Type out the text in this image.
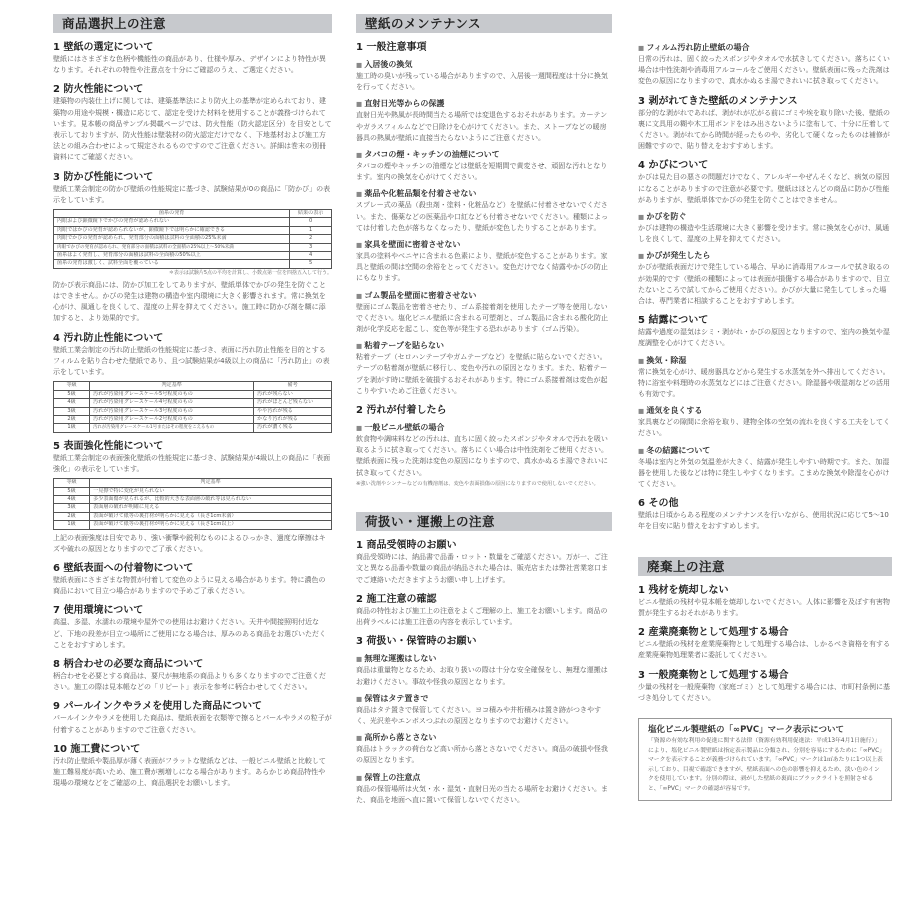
商品選択上の注意
1 壁紙の選定について
壁紙にはさまざまな色柄や機能性の商品があり、仕様や厚み、デザインにより特性が異なります。それぞれの特性や注意点を十分にご確認のうえ、ご選定ください。
2 防火性能について
建築物の内装仕上げに関しては、建築基準法により防火上の基準が定められており、建築物の用途や規模・構造に応じて、認定を受けた材料を使用することが義務づけられています。見本帳の商品サンプル掲載ページでは、防火性能（防火認定区分）を目安として表示しておりますが、防火性能は壁装材の防火認定だけでなく、下地基材および施工方法との組み合わせによって規定されるものですのでご注意ください。詳細は巻末の別冊資料にてご確認ください。
3 防かび性能について
壁紙工業会制定の防かび壁紙の性能規定に基づき、試験結果が0の商品に「防かび」の表示をしています。
菌糸の発育	結果の表示
内眼および顕微鏡下でかびの発育が認められない	0
肉眼ではかびの発育が認められないが、顕微鏡下では明らかに確認できる	1
肉眼でかびの発育が認められ、発育部分の面積は試料の全面積の25%未満	2
肉眼でかびの発育が認められ、発育部分の面積は試料の全面積の25%以上～50%未満	3
菌糸はよく発育し、発育部分の面積は試料の全面積の50%以上	4
菌糸の発育は激しく、試料全面を覆っている	5
＊表示は試験片5点の平均を計算し、小数点第一位を四捨五入して行う。
防かび表示商品には、防かび加工をしてありますが、壁紙単体でかびの発生を防ぐことはできません。かびの発生は建物の構造や室内環境に大きく影響されます。常に換気を心がけ、風通しを良くして、湿度の上昇を抑えてください。施工時に防かび剤を糊に添加すると、より効果的です。
4 汚れ防止性能について
壁紙工業会制定の汚れ防止壁紙の性能規定に基づき、表面に汚れ防止性能を目的とするフィルムを貼り合わせた壁紙であり、且つ試験結果が4級以上の商品に「汚れ防止」の表示をしています。
等級	判定基準	備考
5級	汚れが汚染用グレースケール5号程度のもの	汚れが残らない
4級	汚れが汚染用グレースケール4号程度のもの	汚れがほとんど残らない
3級	汚れが汚染用グレースケール3号程度のもの	やや汚れが残る
2級	汚れが汚染用グレースケール2号程度のもの	かなり汚れが残る
1級	汚れが汚染用グレースケール1号またはその程度をこえるもの	汚れが濃く残る
5 表面強化性能について
壁紙工業会制定の表面強化壁紙の性能規定に基づき、試験結果が4級以上の商品に「表面強化」の表示をしています。
等級	判定基準
5級	一見擦で特に変化が見られない
4級	多少表面傷が見られるが、比較的大きな表面層の破れ等は見られない
3級	表面層の破れが明確に見える
2級	表面が破けて紙等の裏打材が明らかに見える（長さ1cm未満）
1級	表面が破けて紙等の裏打材が明らかに見える（長さ1cm以上）
上記の表面強度は目安であり、強い衝撃や鋭利なものによるひっかき、過度な摩擦はキズや破れの原因となりますのでご了承ください。
6 壁紙表面への付着物について
壁紙表面にさまざまな物質が付着して変色のように見える場合があります。特に濃色の商品において目立つ場合がありますので予めご了承ください。
7 使用環境について
高温、多湿、水濡れの環境や屋外での使用はお避けください。天井や間接照明付近など、下地の段差が目立つ場所にご使用になる場合は、厚みのある商品をお選びいただくことをおすすめします。
8 柄合わせの必要な商品について
柄合わせを必要とする商品は、要尺が無地系の商品よりも多くなりますのでご注意ください。施工の際は見本帳などの「リピート」表示を参考に柄合わせしてください。
9 パールインクやラメを使用した商品について
パールインクやラメを使用した商品は、壁紙表面を衣類等で擦るとパールやラメの粒子が付着することがありますのでご注意ください。
10 施工費について
汚れ防止壁紙や製品厚が薄く表面がフラットな壁紙などは、一般ビニル壁紙と比較して施工難易度が高いため、施工費が割増しになる場合があります。あらかじめ商品特性や現場の環境などをご確認の上、商品選択をお願いします。
壁紙のメンテナンス
1 一般注意事項
■ 入居後の換気
施工時の臭いが残っている場合がありますので、入居後一週間程度は十分に換気を行ってください。
■ 直射日光等からの保護
直射日光や熱風が長時間当たる場所では変退色するおそれがあります。カーテンやガラスフィルムなどで日除けを心がけてください。また、ストーブなどの暖房器具の熱風が壁紙に直接当たらないようにご注意ください。
■ タバコの煙・キッチンの油煙について
タバコの煙やキッチンの油煙などは壁紙を短期間で黄変させ、頑固な汚れとなります。室内の換気を心がけてください。
■ 薬品や化粧品類を付着させない
スプレー式の薬品（殺虫剤・塗料・化粧品など）を壁紙に付着させないでください。また、傷薬などの医薬品や口紅なども付着させないでください。種類によっては付着した色が落ちなくなったり、壁紙が変色したりすることがあります。
■ 家具を壁面に密着させない
家具の塗料やベニヤに含まれる色素により、壁紙が変色することがあります。家具と壁紙の間は空間の余裕をとってください。変色だけでなく結露やかびの防止にもなります。
■ ゴム製品を壁面に密着させない
壁面にゴム製品を密着させたり、ゴム系接着剤を使用したテープ等を使用しないでください。塩化ビニル壁紙に含まれる可塑剤と、ゴム製品に含まれる酸化防止剤が化学反応を起こし、変色等が発生する恐れがあります（ゴム汚染）。
■ 粘着テープを貼らない
粘着テープ（セロハンテープやガムテープなど）を壁紙に貼らないでください。テープの粘着剤が壁紙に移行し、変色や汚れの原因となります。また、粘着テープを剥がす時に壁紙を破損するおそれがあります。特にゴム系接着剤は変色が起こりやすいためご注意ください。
2 汚れが付着したら
■ 一般ビニル壁紙の場合
飲食物や調味料などの汚れは、直ちに固く絞ったスポンジやタオルで汚れを吸い取るように拭き取ってください。落ちにくい場合は中性洗剤をご使用ください。壁紙表面に残った洗剤は変色の原因になりますので、真水かぬるま湯できれいに拭き取ってください。
※強い洗剤やシンナーなどの有機溶剤は、変色や表面損傷の原因になりますので使用しないでください。
荷扱い・運搬上の注意
1 商品受領時のお願い
商品受領時には、納品書で品番・ロット・数量をご確認ください。万が一、ご注文と異なる品番や数量の商品が納品された場合は、販売店または弊社営業窓口までご連絡いただきますようお願い申し上げます。
2 施工注意の確認
商品の特性および施工上の注意をよくご理解の上、施工をお願いします。商品の出荷ラベルには施工注意の内容を表示しています。
3 荷扱い・保管時のお願い
■ 無理な運搬はしない
商品は重量物となるため、お取り扱いの際は十分な安全確保をし、無理な運搬はお避けください。事故や怪我の原因となります。
■ 保管はタテ置きで
商品はタテ置きで保管してください。ヨコ積みや井桁積みは置き跡がつきやすく、光沢差やエンボスつぶれの原因となりますのでお避けください。
■ 高所から落とさない
商品はトラックの荷台など高い所から落とさないでください。商品の破損や怪我の原因となります。
■ 保管上の注意点
商品の保管場所は火気・水・湿気・直射日光の当たる場所をお避けください。また、商品を地面へ直に置いて保管しないでください。
■ フィルム汚れ防止壁紙の場合
日常の汚れは、固く絞ったスポンジやタオルで水拭きしてください。落ちにくい場合は中性洗剤や消毒用アルコールをご使用ください。壁紙表面に残った洗剤は変色の原因になりますので、真水かぬるま湯できれいに拭き取ってください。
3 剥がれてきた壁紙のメンテナンス
部分的な剥がれであれば、剥がれが広がる前にゴミや埃を取り除いた後、壁紙の裏に文具用の糊や木工用ボンドをはみ出さないように塗布して、十分に圧着してください。剥がれてから時間が経ったものや、劣化して硬くなったものは補修が困難ですので、貼り替えをおすすめします。
4 かびについて
かびは見た目の悪さの問題だけでなく、アレルギーやぜんそくなど、病気の原因になることがありますので注意が必要です。壁紙はほとんどの商品に防かび性能がありますが、壁紙単体でかびの発生を防ぐことはできません。
■ かびを防ぐ
かびは建物の構造や生活環境に大きく影響を受けます。常に換気を心がけ、風通しを良くして、湿度の上昇を抑えてください。
■ かびが発生したら
かびが壁紙表面だけで発生している場合、早めに消毒用アルコールで拭き取るのが効果的です（壁紙の種類によっては表面が損傷する場合がありますので、目立たないところで試してからご使用ください）。かびが大量に発生してしまった場合は、専門業者に相談することをおすすめします。
5 結露について
結露や過度の湿気はシミ・剥がれ・かびの原因となりますので、室内の換気や湿度調整を心がけてください。
■ 換気・除湿
常に換気を心がけ、暖房器具などから発生する水蒸気を外へ排出してください。特に浴室や料理時の水蒸気などにはご注意ください。除湿器や吸湿剤などの活用も有効です。
■ 通気を良くする
家具裏などの隙間に余裕を取り、建物全体の空気の流れを良くする工夫をしてください。
■ 冬の結露について
冬場は室内と外気の気温差が大きく、結露が発生しやすい時期です。また、加湿器を使用した後などは特に発生しやすくなります。こまめな換気や除湿を心がけてください。
6 その他
壁紙は日頃からある程度のメンテナンスを行いながら、使用状況に応じて5〜10年を目安に貼り替えをおすすめします。
廃棄上の注意
1 残材を焼却しない
ビニル壁紙の残材や見本帳を焼却しないでください。人体に影響を及ぼす有害物質が発生するおそれがあります。
2 産業廃棄物として処理する場合
ビニル壁紙の残材を産業廃棄物として処理する場合は、しかるべき資格を有する産業廃棄物処理業者に委託してください。
3 一般廃棄物として処理する場合
少量の残材を一般廃棄物（家庭ゴミ）として処理する場合には、市町村条例に基づき処分してください。
塩化ビニル製壁紙の「∞PVC」マーク表示について
「資源の有効な利用の促進に関する法律（資源有効利用促進法：平成13年4月1日施行）」により、塩化ビニル製壁紙は指定表示製品に分類され、分別を容易にするために「∞PVC」マークを表示することが義務づけられています。「∞PVC」マークは1㎡あたりに1つ以上表示しており、目視で確認できますが、壁紙表面への色の影響を抑えるため、淡い色のインクを使用しています。分別の際は、剥がした壁紙の裏面にブラックライトを照射させると、「∞PVC」マークの確認が容易です。
